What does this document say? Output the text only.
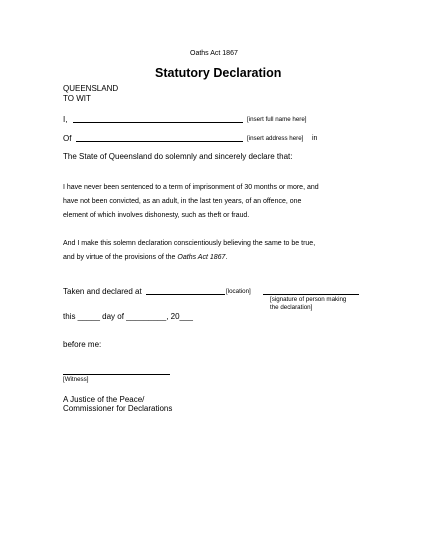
Oaths Act 1867
Statutory Declaration
QUEENSLAND
TO WIT
I,	[insert full name here]
Of	[insert address here] in
The State of Queensland do solemnly and sincerely declare that:
I have never been sentenced to a term of imprisonment of 30 months or more, and
have not been convicted, as an adult, in the last ten years, of an offence, one
element of which involves dishonesty, such as theft or fraud.
And I make this solemn declaration conscientiously believing the same to be true,
and by virtue of the provisions of the Oaths Act 1867.
Taken and declared at	[location]
[signature of person making
the declaration]
this _____ day of _________, 20___
before me:
[Witness]
A Justice of the Peace/
Commissioner for Declarations
